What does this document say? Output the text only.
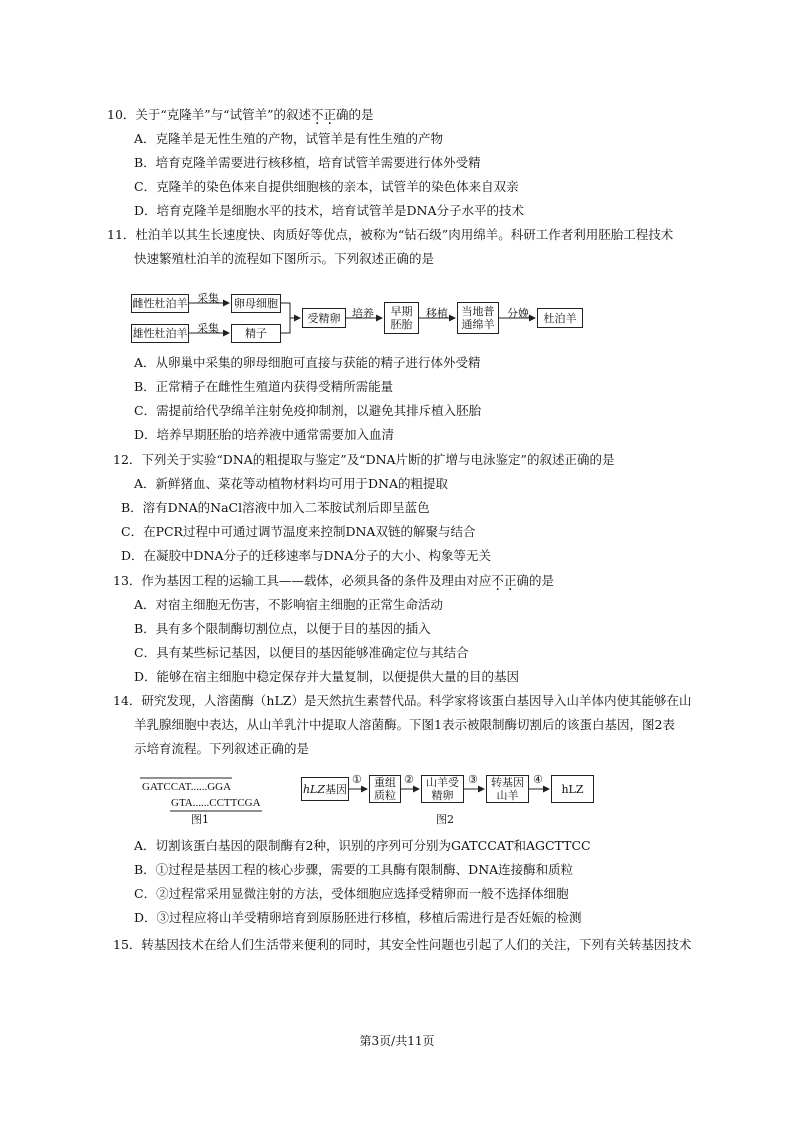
10．关于“克隆羊”与“试管羊”的叙述不正确的是
A．克隆羊是无性生殖的产物，试管羊是有性生殖的产物
B．培育克隆羊需要进行核移植，培育试管羊需要进行体外受精
C．克隆羊的染色体来自提供细胞核的亲本，试管羊的染色体来自双亲
D．培育克隆羊是细胞水平的技术，培育试管羊是DNA分子水平的技术
11．杜泊羊以其生长速度快、肉质好等优点，被称为“钻石级”肉用绵羊。科研工作者利用胚胎工程技术
快速繁殖杜泊羊的流程如下图所示。下列叙述正确的是
雌性杜泊羊
雄性杜泊羊
采集
采集
卵母细胞
精子
受精卵	培养	早期胚胎
移植	当地普通绵羊
分娩	杜泊羊
A．从卵巢中采集的卵母细胞可直接与获能的精子进行体外受精
B．正常精子在雌性生殖道内获得受精所需能量
C．需提前给代孕绵羊注射免疫抑制剂，以避免其排斥植入胚胎
D．培养早期胚胎的培养液中通常需要加入血清
12．下列关于实验“DNA的粗提取与鉴定”及“DNA片断的扩增与电泳鉴定”的叙述正确的是
A．新鲜猪血、菜花等动植物材料均可用于DNA的粗提取
B．溶有DNA的NaCl溶液中加入二苯胺试剂后即呈蓝色
C．在PCR过程中可通过调节温度来控制DNA双链的解聚与结合
D．在凝胶中DNA分子的迁移速率与DNA分子的大小、构象等无关
13．作为基因工程的运输工具——载体，必须具备的条件及理由对应不正确的是
A．对宿主细胞无伤害，不影响宿主细胞的正常生命活动
B．具有多个限制酶切割位点，以便于目的基因的插入
C．具有某些标记基因，以便目的基因能够准确定位与其结合
D．能够在宿主细胞中稳定保存并大量复制，以便提供大量的目的基因
14．研究发现，人溶菌酶（hLZ）是天然抗生素替代品。科学家将该蛋白基因导入山羊体内使其能够在山
羊乳腺细胞中表达，从山羊乳汁中提取人溶菌酶。下图1表示被限制酶切割后的该蛋白基因，图2表
示培育流程。下列叙述正确的是
GATCCAT......GGA
GTA......CCTTCGA
图1
hLZ 基因
①	重组质粒
②	山羊受精卵
③	转基因山羊
④
hLZ
图2
A．切割该蛋白基因的限制酶有2种，识别的序列可分别为GATCCAT和AGCTTCC
B．①过程是基因工程的核心步骤，需要的工具酶有限制酶、DNA连接酶和质粒
C．②过程常采用显微注射的方法，受体细胞应选择受精卵而一般不选择体细胞
D．③过程应将山羊受精卵培育到原肠胚进行移植，移植后需进行是否妊娠的检测
15．转基因技术在给人们生活带来便利的同时，其安全性问题也引起了人们的关注，下列有关转基因技术
第3页/共11页
